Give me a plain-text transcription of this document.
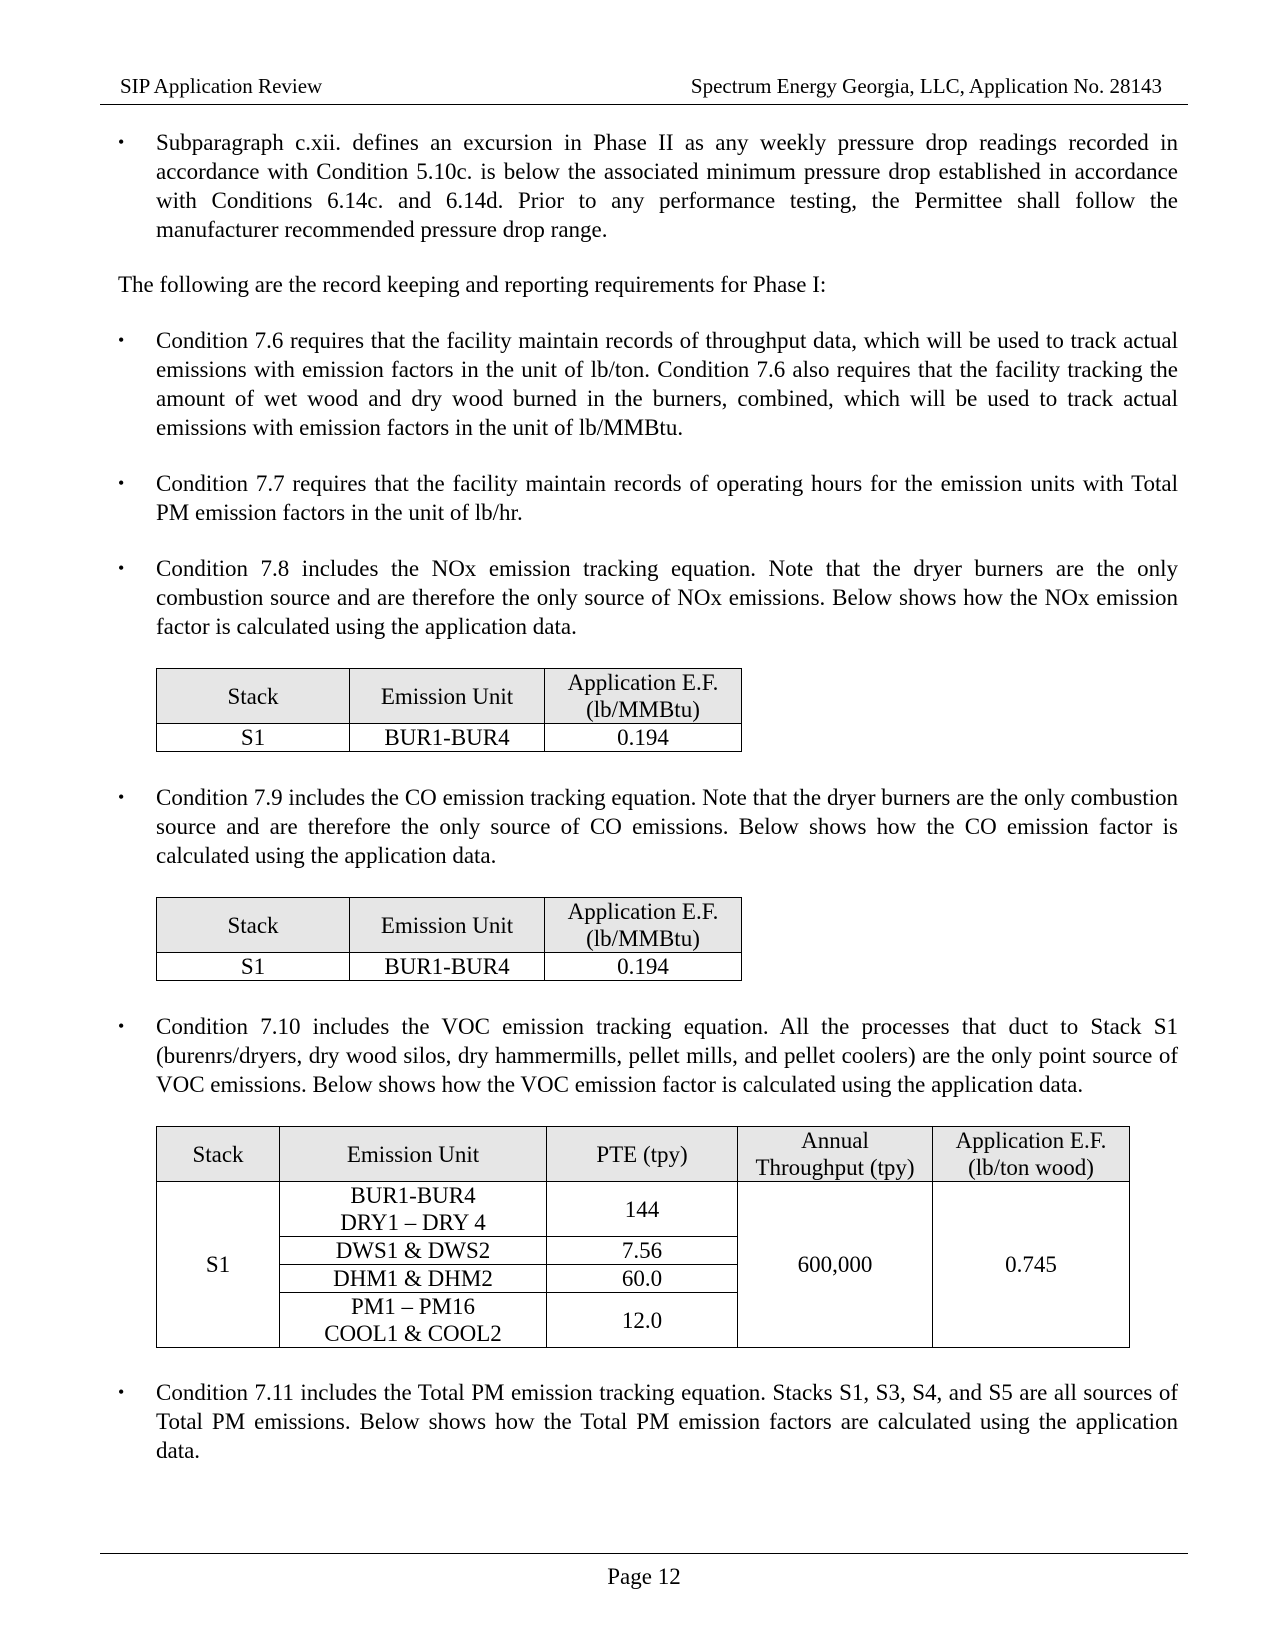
SIP Application Review	Spectrum Energy Georgia, LLC, Application No. 28143
•	Subparagraph c.xii. defines an excursion in Phase II as any weekly pressure drop readings recorded in accordance with Condition 5.10c. is below the associated minimum pressure drop established in accordance with Conditions 6.14c. and 6.14d. Prior to any performance testing, the Permittee shall follow the manufacturer recommended pressure drop range.

The following are the record keeping and reporting requirements for Phase I:

•	Condition 7.6 requires that the facility maintain records of throughput data, which will be used to track actual emissions with emission factors in the unit of lb/ton. Condition 7.6 also requires that the facility tracking the amount of wet wood and dry wood burned in the burners, combined, which will be used to track actual emissions with emission factors in the unit of lb/MMBtu.

•	Condition 7.7 requires that the facility maintain records of operating hours for the emission units with Total PM emission factors in the unit of lb/hr.

•	Condition 7.8 includes the NOx emission tracking equation. Note that the dryer burners are the only combustion source and are therefore the only source of NOx emissions. Below shows how the NOx emission factor is calculated using the application data.

Stack	Emission Unit	Application E.F.
(lb/MMBtu)
S1	BUR1-BUR4	0.194
•	Condition 7.9 includes the CO emission tracking equation. Note that the dryer burners are the only combustion source and are therefore the only source of CO emissions. Below shows how the CO emission factor is calculated using the application data.

Stack	Emission Unit	Application E.F.
(lb/MMBtu)
S1	BUR1-BUR4	0.194
•	Condition 7.10 includes the VOC emission tracking equation. All the processes that duct to Stack S1 (burenrs/dryers, dry wood silos, dry hammermills, pellet mills, and pellet coolers) are the only point source of VOC emissions. Below shows how the VOC emission factor is calculated using the application data.

Stack	Emission Unit	PTE (tpy)	Annual
Throughput (tpy)	Application E.F.
(lb/ton wood)
S1	BUR1-BUR4
DRY1 – DRY 4	144	600,000	0.745
	DWS1 & DWS2	7.56		
	DHM1 & DHM2	60.0		
	PM1 – PM16
COOL1 & COOL2	12.0		
•	Condition 7.11 includes the Total PM emission tracking equation. Stacks S1, S3, S4, and S5 are all sources of Total PM emissions. Below shows how the Total PM emission factors are calculated using the application data.

Page 12
